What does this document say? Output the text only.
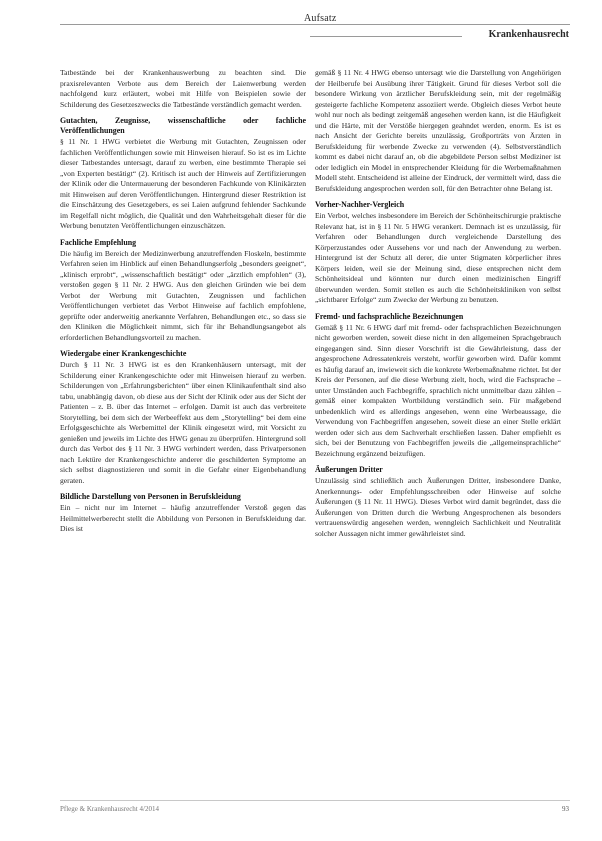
Aufsatz
Krankenhausrecht

Tatbestände bei der Krankenhauswerbung zu beachten sind. Die praxisrelevanten Verbote aus dem Bereich der Laienwerbung werden nachfolgend kurz erläutert, wobei mit Hilfe von Beispielen sowie der Schilderung des Gesetzeszwecks die Tatbestände verständlich gemacht werden.

Gutachten, Zeugnisse, wissenschaftliche oder fachliche Veröffentlichungen

§ 11 Nr. 1 HWG verbietet die Werbung mit Gutachten, Zeugnissen oder fachlichen Veröffentlichungen sowie mit Hinweisen hierauf. So ist es im Lichte dieser Tatbestandes untersagt, darauf zu werben, eine bestimmte Therapie sei „von Experten bestätigt“ (2). Kritisch ist auch der Hinweis auf Zertifizierungen der Klinik oder die Untermauerung der besonderen Fachkunde von Klinikärzten mit Hinweisen auf deren Veröffentlichungen. Hintergrund dieser Restriktion ist die Einschätzung des Gesetzgebers, es sei Laien aufgrund fehlender Sachkunde im Regelfall nicht möglich, die Qualität und den Wahrheitsgehalt dieser für die Werbung benutzten Veröffentlichungen einzuschätzen.

Fachliche Empfehlung

Die häufig im Bereich der Medizinwerbung anzutreffenden Floskeln, bestimmte Verfahren seien im Hinblick auf einen Behandlungserfolg „besonders geeignet“, „klinisch erprobt“, „wissenschaftlich bestätigt“ oder „ärztlich empfohlen“ (3), verstoßen gegen § 11 Nr. 2 HWG. Aus den gleichen Gründen wie bei dem Verbot der Werbung mit Gutachten, Zeugnissen und fachlichen Veröffentlichungen verbietet das Verbot Hinweise auf fachlich empfohlene, geprüfte oder anderweitig anerkannte Verfahren, Behandlungen etc., so dass sie den Kliniken die Möglichkeit nimmt, sich für ihr Behandlungsangebot als erforderlichen Behandlungsvorteil zu machen.

Wiedergabe einer Krankengeschichte

Durch § 11 Nr. 3 HWG ist es den Krankenhäusern untersagt, mit der Schilderung einer Krankengeschichte oder mit Hinweisen hierauf zu werben. Schilderungen von „Erfahrungsberichten“ über einen Klinikaufenthalt sind also tabu, unabhängig davon, ob diese aus der Sicht der Klinik oder aus der Sicht der Patienten – z. B. über das Internet – erfolgen. Damit ist auch das verbreitete Storytelling, bei dem sich der Werbeeffekt aus dem „Storytelling“ bei dem eine Erfolgsgeschichte als Werbemittel der Klinik eingesetzt wird, mit Vorsicht zu genießen und jeweils im Lichte des HWG genau zu überprüfen. Hintergrund soll durch das Verbot des § 11 Nr. 3 HWG verhindert werden, dass Privatpersonen nach Lektüre der Krankengeschichte anderer die geschilderten Symptome an sich selbst diagnostizieren und somit in die Gefahr einer Eigenbehandlung geraten.

Bildliche Darstellung von Personen in Berufskleidung

Ein – nicht nur im Internet – häufig anzutreffender Verstoß gegen das Heilmittelwerberecht stellt die Abbildung von Personen in Berufskleidung dar. Dies ist

gemäß § 11 Nr. 4 HWG ebenso untersagt wie die Darstellung von Angehörigen der Heilberufe bei Ausübung ihrer Tätigkeit. Grund für dieses Verbot soll die besondere Wirkung von ärztlicher Berufskleidung sein, mit der regelmäßig gesteigerte fachliche Kompetenz assoziiert werde. Obgleich dieses Verbot heute wohl nur noch als bedingt zeitgemäß angesehen werden kann, ist die Häufigkeit und die Härte, mit der Verstöße hiergegen geahndet werden, enorm. Es ist es nach Ansicht der Gerichte bereits unzulässig, Großporträts von Ärzten in Berufskleidung für werbende Zwecke zu verwenden (4). Selbstverständlich kommt es dabei nicht darauf an, ob die abgebildete Person selbst Mediziner ist oder lediglich ein Model in entsprechender Kleidung für die Werbemaßnahmen Modell steht. Entscheidend ist alleine der Eindruck, der vermittelt wird, dass die Berufskleidung angesprochen werden soll, für den Betrachter ohne Belang ist.

Vorher-Nachher-Vergleich

Ein Verbot, welches insbesondere im Bereich der Schönheitschirurgie praktische Relevanz hat, ist in § 11 Nr. 5 HWG verankert. Demnach ist es unzulässig, für Verfahren oder Behandlungen durch vergleichende Darstellung des Körperzustandes oder Aussehens vor und nach der Anwendung zu werben. Hintergrund ist der Schutz all derer, die unter Stigmaten körperlicher ihres Körpers leiden, weil sie der Meinung sind, diese entsprechen nicht dem Schönheitsideal und könnten nur durch einen medizinischen Eingriff überwunden werden. Somit stellen es auch die Schönheitskliniken von selbst „sichtbarer Erfolge“ zum Zwecke der Werbung zu benutzen.

Fremd- und fachsprachliche Bezeichnungen

Gemäß § 11 Nr. 6 HWG darf mit fremd- oder fachsprachlichen Bezeichnungen nicht geworben werden, soweit diese nicht in den allgemeinen Sprachgebrauch eingegangen sind. Sinn dieser Vorschrift ist die Gewährleistung, dass der angesprochene Adressatenkreis versteht, worfür geworben wird. Dafür kommt es häufig darauf an, inwieweit sich die konkrete Werbemaßnahme richtet. Ist der Kreis der Personen, auf die diese Werbung zielt, hoch, wird die Fachsprache – unter Umständen auch Fachbegriffe, sprachlich nicht unmittelbar dazu zählen – gemäß einer kompakten Wortbildung verständlich sein. Für maßgebend unbedenklich wird es allerdings angesehen, wenn eine Werbeaussage, die Verwendung von Fachbegriffen angesehen, soweit diese an einer Stelle erklärt werden oder sich aus dem Sachverhalt erschließen lassen. Daher empfiehlt es sich, bei der Benutzung von Fachbegriffen jeweils die „allgemeinsprachliche“ Bezeichnung ergänzend beizufügen.

Äußerungen Dritter

Unzulässig sind schließlich auch Äußerungen Dritter, insbesondere Danke, Anerkennungs- oder Empfehlungsschreiben oder Hinweise auf solche Äußerungen (§ 11 Nr. 11 HWG). Dieses Verbot wird damit begründet, dass die Äußerungen von Dritten durch die Werbung Angesprochenen als besonders vertrauenswürdig angesehen werden, wenngleich Sachlichkeit und Neutralität solcher Aussagen nicht immer gewährleistet sind.

Pflege & Krankenhausrecht 4/2014	93
